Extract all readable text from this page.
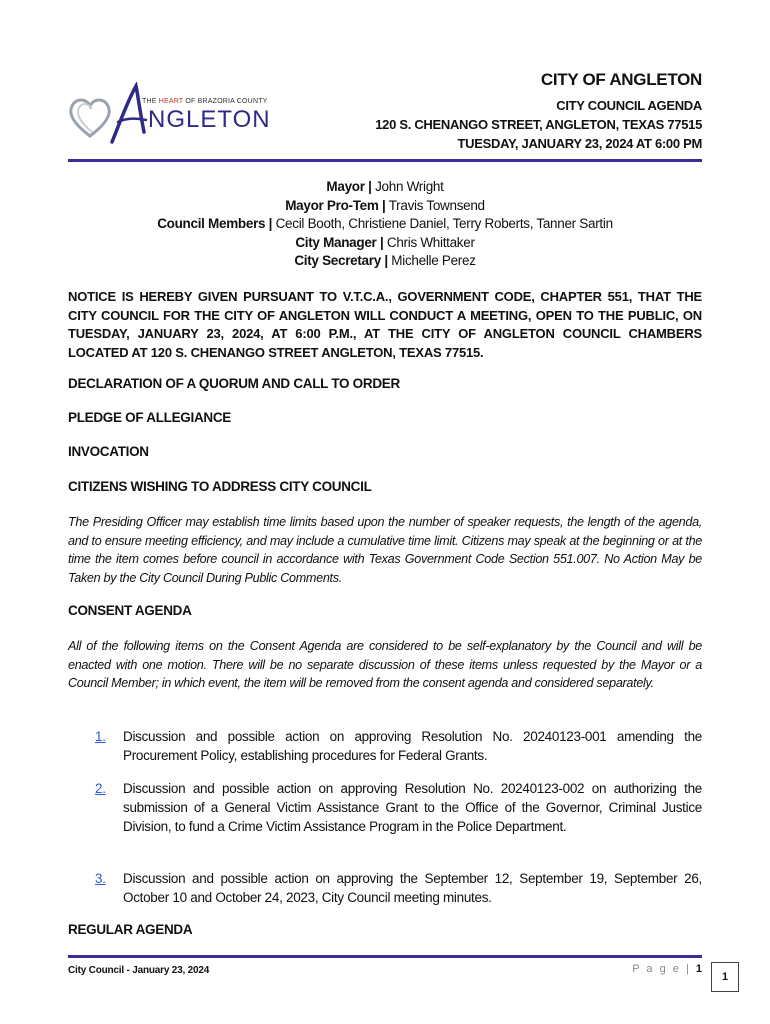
THE HEART OF BRAZORIA COUNTY
NGLETON
CITY OF ANGLETON
CITY COUNCIL AGENDA
120 S. CHENANGO STREET, ANGLETON, TEXAS 77515
TUESDAY, JANUARY 23, 2024 AT 6:00 PM
Mayor | John Wright
Mayor Pro-Tem | Travis Townsend
Council Members | Cecil Booth, Christiene Daniel, Terry Roberts, Tanner Sartin
City Manager | Chris Whittaker
City Secretary | Michelle Perez
NOTICE IS HEREBY GIVEN PURSUANT TO V.T.C.A., GOVERNMENT CODE, CHAPTER 551, THAT THE CITY COUNCIL FOR THE CITY OF ANGLETON WILL CONDUCT A MEETING, OPEN TO THE PUBLIC, ON TUESDAY, JANUARY 23, 2024, AT 6:00 P.M., AT THE CITY OF ANGLETON COUNCIL CHAMBERS LOCATED AT 120 S. CHENANGO STREET ANGLETON, TEXAS 77515.
DECLARATION OF A QUORUM AND CALL TO ORDER
PLEDGE OF ALLEGIANCE
INVOCATION
CITIZENS WISHING TO ADDRESS CITY COUNCIL
The Presiding Officer may establish time limits based upon the number of speaker requests, the length of the agenda, and to ensure meeting efficiency, and may include a cumulative time limit. Citizens may speak at the beginning or at the time the item comes before council in accordance with Texas Government Code Section 551.007. No Action May be Taken by the City Council During Public Comments.
CONSENT AGENDA
All of the following items on the Consent Agenda are considered to be self-explanatory by the Council and will be enacted with one motion. There will be no separate discussion of these items unless requested by the Mayor or a Council Member; in which event, the item will be removed from the consent agenda and considered separately.
1. Discussion and possible action on approving Resolution No. 20240123-001 amending the Procurement Policy, establishing procedures for Federal Grants.
2. Discussion and possible action on approving Resolution No. 20240123-002 on authorizing the submission of a General Victim Assistance Grant to the Office of the Governor, Criminal Justice Division, to fund a Crime Victim Assistance Program in the Police Department.
3. Discussion and possible action on approving the September 12, September 19, September 26, October 10 and October 24, 2023, City Council meeting minutes.
REGULAR AGENDA
City Council - January 23, 2024	P a g e | 1
1
